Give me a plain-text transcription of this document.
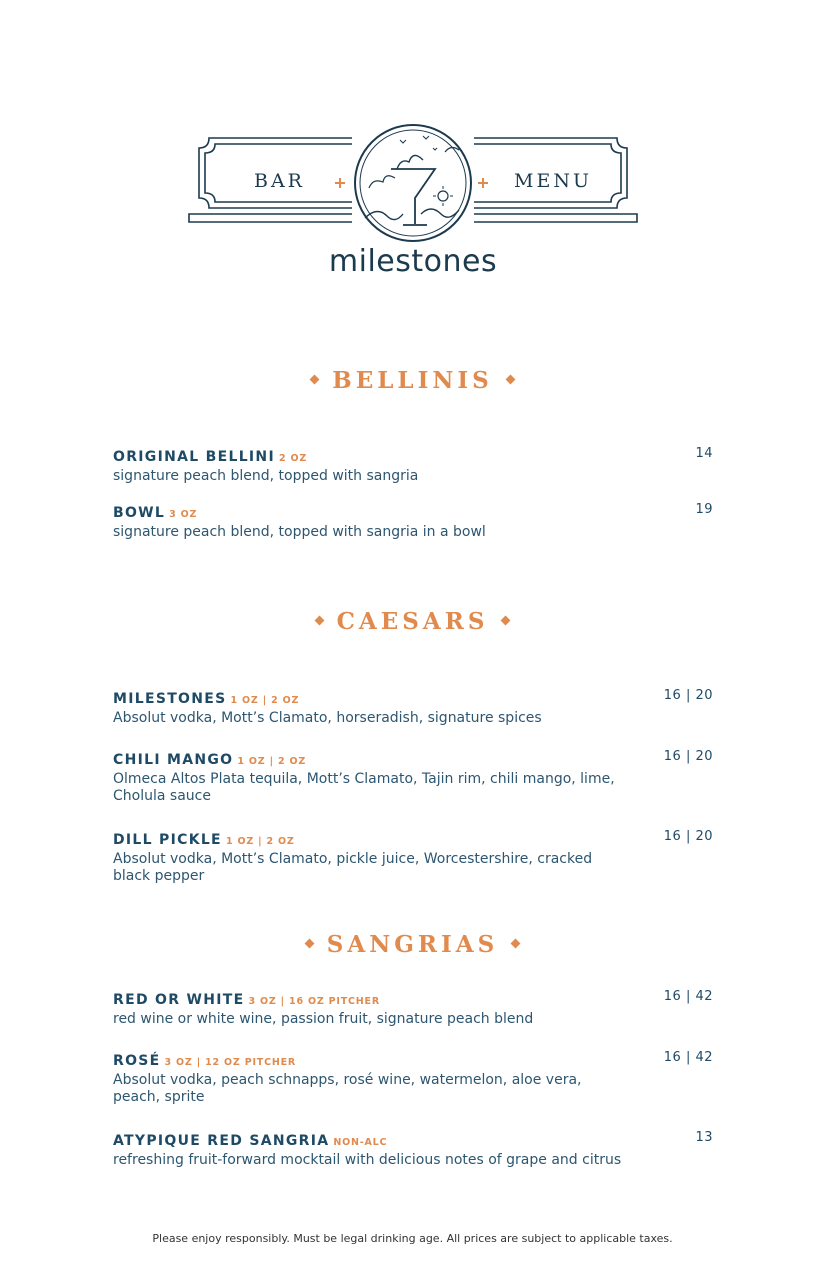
BAR	MENU
milestones
BELLINIS
ORIGINAL BELLINI 2 OZ	14
signature peach blend, topped with sangria
BOWL 3 OZ	19
signature peach blend, topped with sangria in a bowl
CAESARS
MILESTONES 1 OZ | 2 OZ	16 | 20
Absolut vodka, Mott’s Clamato, horseradish, signature spices
CHILI MANGO 1 OZ | 2 OZ	16 | 20
Olmeca Altos Plata tequila, Mott’s Clamato, Tajin rim, chili mango, lime, Cholula sauce
DILL PICKLE 1 OZ | 2 OZ	16 | 20
Absolut vodka, Mott’s Clamato, pickle juice, Worcestershire, cracked black pepper
SANGRIAS
RED OR WHITE 3 OZ | 16 OZ PITCHER	16 | 42
red wine or white wine, passion fruit, signature peach blend
ROSÉ 3 OZ | 12 OZ PITCHER	16 | 42
Absolut vodka, peach schnapps, rosé wine, watermelon, aloe vera, peach, sprite
ATYPIQUE RED SANGRIA NON-ALC	13
refreshing fruit-forward mocktail with delicious notes of grape and citrus
Please enjoy responsibly. Must be legal drinking age. All prices are subject to applicable taxes.
